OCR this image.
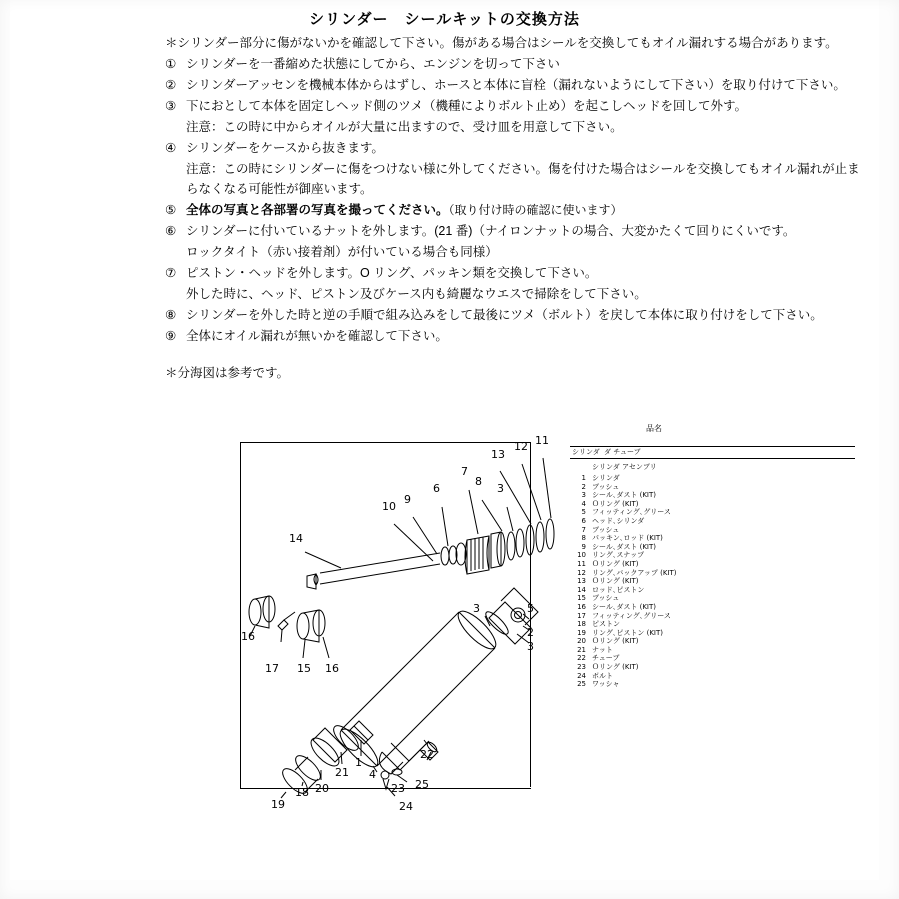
シリンダー　シールキットの交換方法
＊シリンダー部分に傷がないかを確認して下さい。傷がある場合はシールを交換してもオイル漏れする場合があります。
① シリンダーを一番縮めた状態にしてから、エンジンを切って下さい
② シリンダーアッセンを機械本体からはずし、ホースと本体に盲栓（漏れないようにして下さい）を取り付けて下さい。
③ 下におとして本体を固定しヘッド側のツメ（機種によりボルト止め）を起こしヘッドを回して外す。
注意：この時に中からオイルが大量に出ますので、受け皿を用意して下さい。
④ シリンダーをケースから抜きます。
注意：この時にシリンダーに傷をつけない様に外してください。傷を付けた場合はシールを交換してもオイル漏れが止まらなくなる可能性が御座います。
⑤ 全体の写真と各部署の写真を撮ってください。（取り付け時の確認に使います）
⑥ シリンダーに付いているナットを外します。(21 番)（ナイロンナットの場合、大変かたくて回りにくいです。
ロックタイト（赤い接着剤）が付いている場合も同様）
⑦ ピストン・ヘッドを外します。O リング、パッキン類を交換して下さい。
外した時に、ヘッド、ピストン及びケース内も綺麗なウエスで掃除をして下さい。
⑧ シリンダーを外した時と逆の手順で組み込みをして最後にツメ（ボルト）を戻して本体に取り付けをして下さい。
⑨ 全体にオイル漏れが無いかを確認して下さい。
＊分海図は参考です。
3
6
7
8
9
10
11
12
13
14
16
17 15 16
3	5
2
3
1
21
20
18
19
4
23
24
25
22
品名
シリンダ ダ チューブ
シリンダ アセンブリ
1 シリンダ
2 ブッシュ
3 シール､ダスト (KIT)
4 Ｏリング (KIT)
5 フィッティング､グリース
6 ヘッド､シリンダ
7 ブッシュ
8 パッキン､ロッド (KIT)
9 シール､ダスト (KIT)
10 リング､スナップ
11 Ｏリング (KIT)
12 リング､バックアップ (KIT)
13 Ｏリング (KIT)
14 ロッド､ピストン
15 ブッシュ
16 シール､ダスト (KIT)
17 フィッティング､グリース
18 ピストン
19 リング､ピストン (KIT)
20 Ｏリング (KIT)
21 ナット
22 チューブ
23 Ｏリング (KIT)
24 ボルト
25 ワッシャ
